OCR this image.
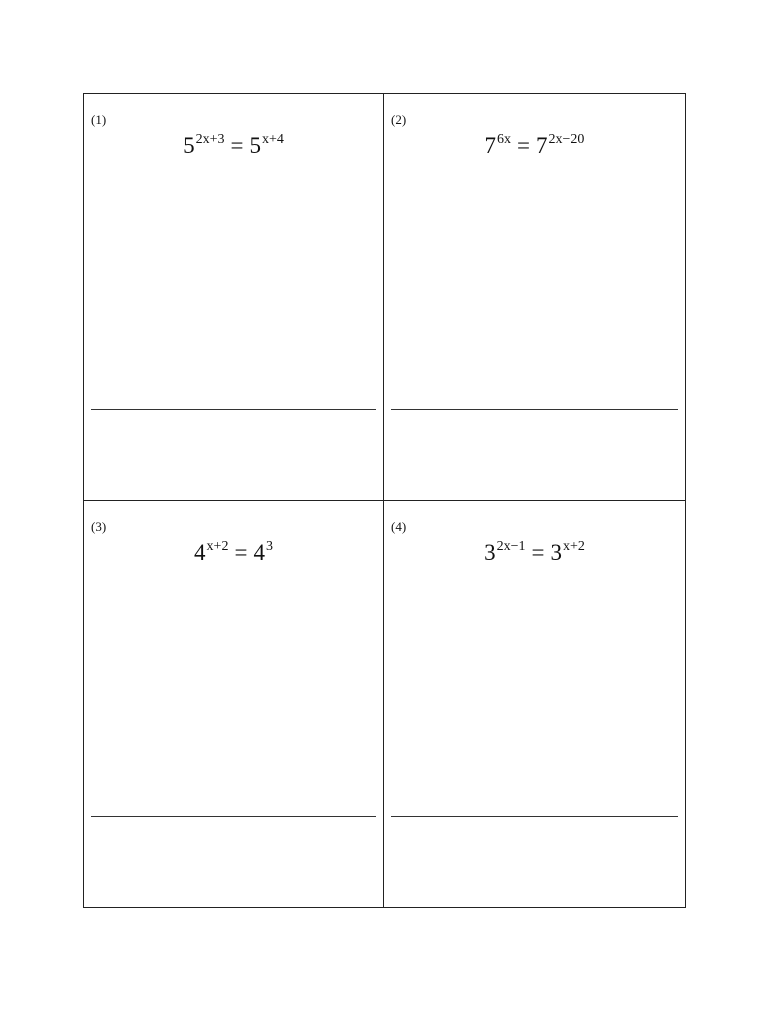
(1)
$5^{2x+3} = 5^{x+4}$
(2)
$7^{6x} = 7^{2x-20}$
(3)
$4^{x+2} = 4^3$
(4)
$3^{2x-1} = 3^{x+2}$
